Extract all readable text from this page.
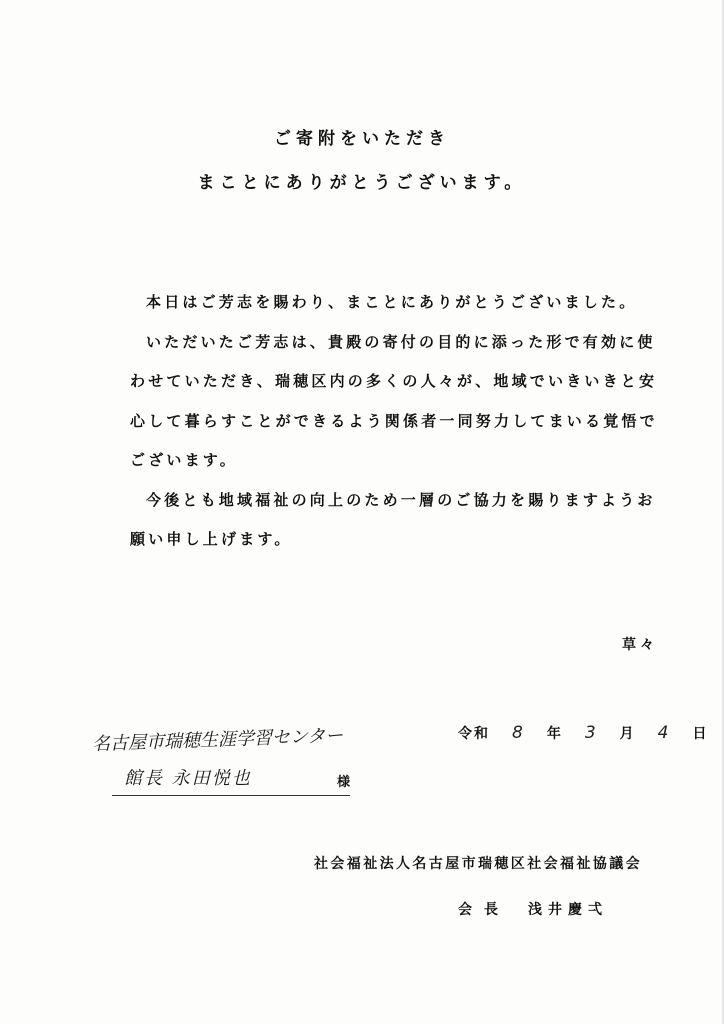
ご寄附をいただき
まことにありがとうございます。

本日はご芳志を賜わり、まことにありがとうございました。

いただいたご芳志は、貴殿の寄付の目的に添った形で有効に使わせていただき、瑞穂区内の多くの人々が、地域でいきいきと安心して暮らすことができるよう関係者一同努力してまいる覚悟でございます。

今後とも地域福祉の向上のため一層のご協力を賜りますようお願い申し上げます。

草々
名古屋市瑞穂生涯学習センター
館長 永田悦也	様
令和 8 年 3 月 4 日
社会福祉法人名古屋市瑞穂区社会福祉協議会
会長 浅井慶弌
